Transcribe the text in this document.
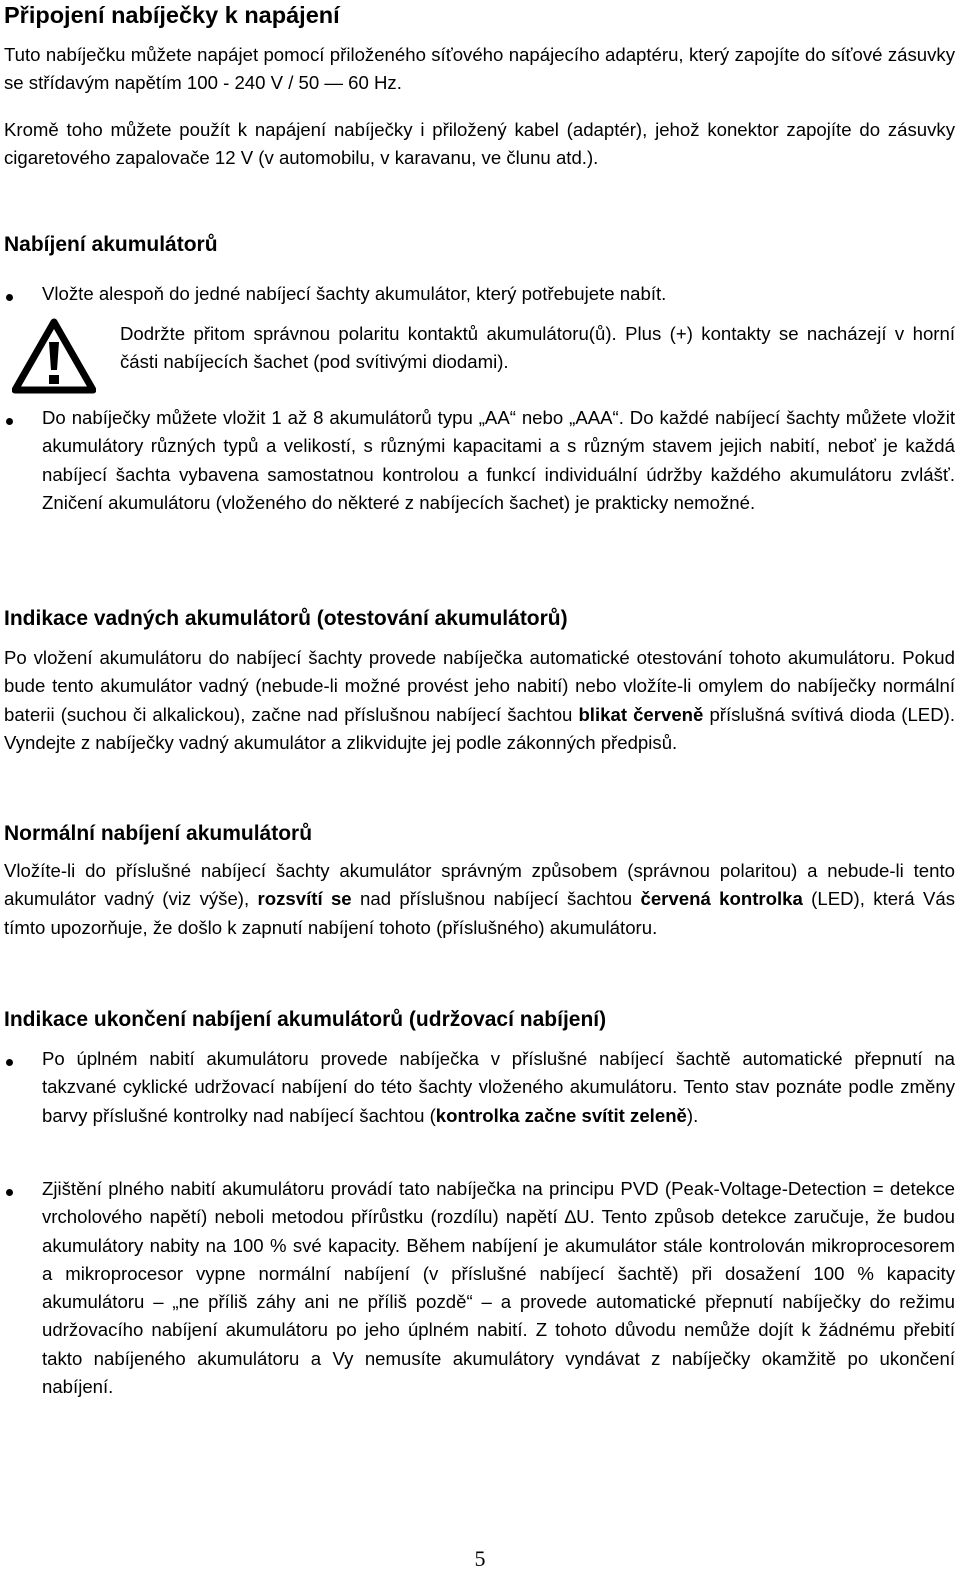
Připojení nabíječky k napájení

Tuto nabíječku můžete napájet pomocí přiloženého síťového napájecího adaptéru, který zapojíte do síťové zásuvky se střídavým napětím 100 - 240 V / 50 — 60 Hz.

Kromě toho můžete použít k napájení nabíječky i přiložený kabel (adaptér), jehož konektor zapojíte do zásuvky cigaretového zapalovače 12 V (v automobilu, v karavanu, ve člunu atd.).

Nabíjení akumulátorů

Vložte alespoň do jedné nabíjecí šachty akumulátor, který potřebujete nabít.

Dodržte přitom správnou polaritu kontaktů akumulátoru(ů). Plus (+) kontakty se nacházejí v horní části nabíjecích šachet (pod svítivými diodami).

Do nabíječky můžete vložit 1 až 8 akumulátorů typu „AA“ nebo „AAA“. Do každé nabíjecí šachty můžete vložit akumulátory různých typů a velikostí, s různými kapacitami a s různým stavem jejich nabití, neboť je každá nabíjecí šachta vybavena samostatnou kontrolou a funkcí individuální údržby každého akumulátoru zvlášť. Zničení akumulátoru (vloženého do některé z nabíjecích šachet) je prakticky nemožné.

Indikace vadných akumulátorů (otestování akumulátorů)

Po vložení akumulátoru do nabíjecí šachty provede nabíječka automatické otestování tohoto akumulátoru. Pokud bude tento akumulátor vadný (nebude-li možné provést jeho nabití) nebo vložíte-li omylem do nabíječky normální baterii (suchou či alkalickou), začne nad příslušnou nabíjecí šachtou blikat červeně příslušná svítivá dioda (LED). Vyndejte z nabíječky vadný akumulátor a zlikvidujte jej podle zákonných předpisů.

Normální nabíjení akumulátorů

Vložíte-li do příslušné nabíjecí šachty akumulátor správným způsobem (správnou polaritou) a nebude-li tento akumulátor vadný (viz výše), rozsvítí se nad příslušnou nabíjecí šachtou červená kontrolka (LED), která Vás tímto upozorňuje, že došlo k zapnutí nabíjení tohoto (příslušného) akumulátoru.

Indikace ukončení nabíjení akumulátorů (udržovací nabíjení)

Po úplném nabití akumulátoru provede nabíječka v příslušné nabíjecí šachtě automatické přepnutí na takzvané cyklické udržovací nabíjení do této šachty vloženého akumulátoru. Tento stav poznáte podle změny barvy příslušné kontrolky nad nabíjecí šachtou (kontrolka začne svítit zeleně).

Zjištění plného nabití akumulátoru provádí tato nabíječka na principu PVD (Peak-Voltage-Detection = detekce vrcholového napětí) neboli metodou přírůstku (rozdílu) napětí ∆U. Tento způsob detekce zaručuje, že budou akumulátory nabity na 100 % své kapacity. Během nabíjení je akumulátor stále kontrolován mikroprocesorem a mikroprocesor vypne normální nabíjení (v příslušné nabíjecí šachtě) při dosažení 100 % kapacity akumulátoru – „ne příliš záhy ani ne příliš pozdě“ – a provede automatické přepnutí nabíječky do režimu udržovacího nabíjení akumulátoru po jeho úplném nabití. Z tohoto důvodu nemůže dojít k žádnému přebití takto nabíjeného akumulátoru a Vy nemusíte akumulátory vyndávat z nabíječky okamžitě po ukončení nabíjení.

5
